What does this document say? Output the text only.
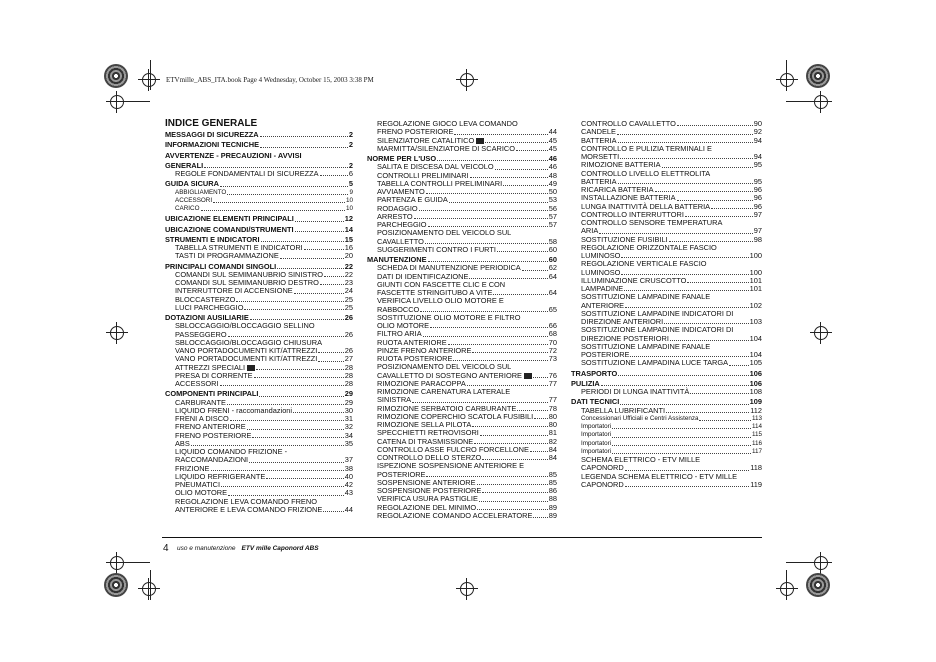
ETVmille_ABS_ITA.book Page 4 Wednesday, October 15, 2003 3:38 PM
INDICE GENERALE
MESSAGGI DI SICUREZZA	2
INFORMAZIONI TECNICHE	2
AVVERTENZE - PRECAUZIONI - AVVISI
GENERALI	2
REGOLE FONDAMENTALI DI SICUREZZA	6
GUIDA SICURA	5
ABBIGLIAMENTO	9
ACCESSORI	10
CARICO	10
UBICAZIONE ELEMENTI PRINCIPALI	12
UBICAZIONE COMANDI/STRUMENTI	14
STRUMENTI E INDICATORI	15
TABELLA STRUMENTI E INDICATORI	16
TASTI DI PROGRAMMAZIONE	20
PRINCIPALI COMANDI SINGOLI	22
COMANDI SUL SEMIMANUBRIO SINISTRO	22
COMANDI SUL SEMIMANUBRIO DESTRO	23
INTERRUTTORE DI ACCENSIONE	24
BLOCCASTERZO	25
LUCI PARCHEGGIO	25
DOTAZIONI AUSILIARIE	26
SBLOCCAGGIO/BLOCCAGGIO SELLINO
PASSEGGERO	26
SBLOCCAGGIO/BLOCCAGGIO CHIUSURA
VANO PORTADOCUMENTI KIT/ATTREZZI	26
VANO PORTADOCUMENTI KIT/ATTREZZI	27
ATTREZZI SPECIALI	28
PRESA DI CORRENTE	28
ACCESSORI	28
COMPONENTI PRINCIPALI	29
CARBURANTE	29
LIQUIDO FRENI - raccomandazioni	30
FRENI A DISCO	31
FRENO ANTERIORE	32
FRENO POSTERIORE	34
ABS	35
LIQUIDO COMANDO FRIZIONE -
RACCOMANDAZIONI	37
FRIZIONE	38
LIQUIDO REFRIGERANTE	40
PNEUMATICI	42
OLIO MOTORE	43
REGOLAZIONE LEVA COMANDO FRENO
ANTERIORE E LEVA COMANDO FRIZIONE	44
REGOLAZIONE GIOCO LEVA COMANDO
FRENO POSTERIORE	44
SILENZIATORE CATALITICO	45
MARMITTA/SILENZIATORE DI SCARICO	45
NORME PER L'USO	46
SALITA E DISCESA DAL VEICOLO	46
CONTROLLI PRELIMINARI	48
TABELLA CONTROLLI PRELIMINARI	49
AVVIAMENTO	50
PARTENZA E GUIDA	53
RODAGGIO	56
ARRESTO	57
PARCHEGGIO	57
POSIZIONAMENTO DEL VEICOLO SUL
CAVALLETTO	58
SUGGERIMENTI CONTRO I FURTI	60
MANUTENZIONE	60
SCHEDA DI MANUTENZIONE PERIODICA	62
DATI DI IDENTIFICAZIONE	64
GIUNTI CON FASCETTE CLIC E CON
FASCETTE STRINGITUBO A VITE	64
VERIFICA LIVELLO OLIO MOTORE E
RABBOCCO	65
SOSTITUZIONE OLIO MOTORE E FILTRO
OLIO MOTORE	66
FILTRO ARIA	68
RUOTA ANTERIORE	70
PINZE FRENO ANTERIORE	72
RUOTA POSTERIORE	73
POSIZIONAMENTO DEL VEICOLO SUL
CAVALLETTO DI SOSTEGNO ANTERIORE	76
RIMOZIONE PARACOPPA	77
RIMOZIONE CARENATURA LATERALE
SINISTRA	77
RIMOZIONE SERBATOIO CARBURANTE	78
RIMOZIONE COPERCHIO SCATOLA FUSIBILI 80
RIMOZIONE SELLA PILOTA	80
SPECCHIETTI RETROVISORI	81
CATENA DI TRASMISSIONE	82
CONTROLLO ASSE FULCRO FORCELLONE	84
CONTROLLO DELLO STERZO	84
ISPEZIONE SOSPENSIONE ANTERIORE E
POSTERIORE	85
SOSPENSIONE ANTERIORE	85
SOSPENSIONE POSTERIORE	86
VERIFICA USURA PASTIGLIE	88
REGOLAZIONE DEL MINIMO	89
REGOLAZIONE COMANDO ACCELERATORE 89
CONTROLLO CAVALLETTO	90
CANDELE	92
BATTERIA	94
CONTROLLO E PULIZIA TERMINALI E
MORSETTI	94
RIMOZIONE BATTERIA	95
CONTROLLO LIVELLO ELETTROLITA
BATTERIA	95
RICARICA BATTERIA	96
INSTALLAZIONE BATTERIA	96
LUNGA INATTIVITÀ DELLA BATTERIA	96
CONTROLLO INTERRUTTORI	97
CONTROLLO SENSORE TEMPERATURA
ARIA	97
SOSTITUZIONE FUSIBILI	98
REGOLAZIONE ORIZZONTALE FASCIO
LUMINOSO	100
REGOLAZIONE VERTICALE FASCIO
LUMINOSO	100
ILLUMINAZIONE CRUSCOTTO	101
LAMPADINE	101
SOSTITUZIONE LAMPADINE FANALE
ANTERIORE	102
SOSTITUZIONE LAMPADINE INDICATORI DI
DIREZIONE ANTERIORI	103
SOSTITUZIONE LAMPADINE INDICATORI DI
DIREZIONE POSTERIORI	104
SOSTITUZIONE LAMPADINE FANALE
POSTERIORE	104
SOSTITUZIONE LAMPADINA LUCE TARGA	105
TRASPORTO	106
PULIZIA	106
PERIODI DI LUNGA INATTIVITÀ	108
DATI TECNICI	109
TABELLA LUBRIFICANTI	112
Concessionari Ufficiali e Centri Assistenza	113
Importatori	114
Importatori	115
Importatori	116
Importatori	117
SCHEMA ELETTRICO - ETV MILLE
CAPONORD	118
LEGENDA SCHEMA ELETTRICO - ETV MILLE
CAPONORD	119
4 uso e manutenzione ETV mille Caponord ABS
